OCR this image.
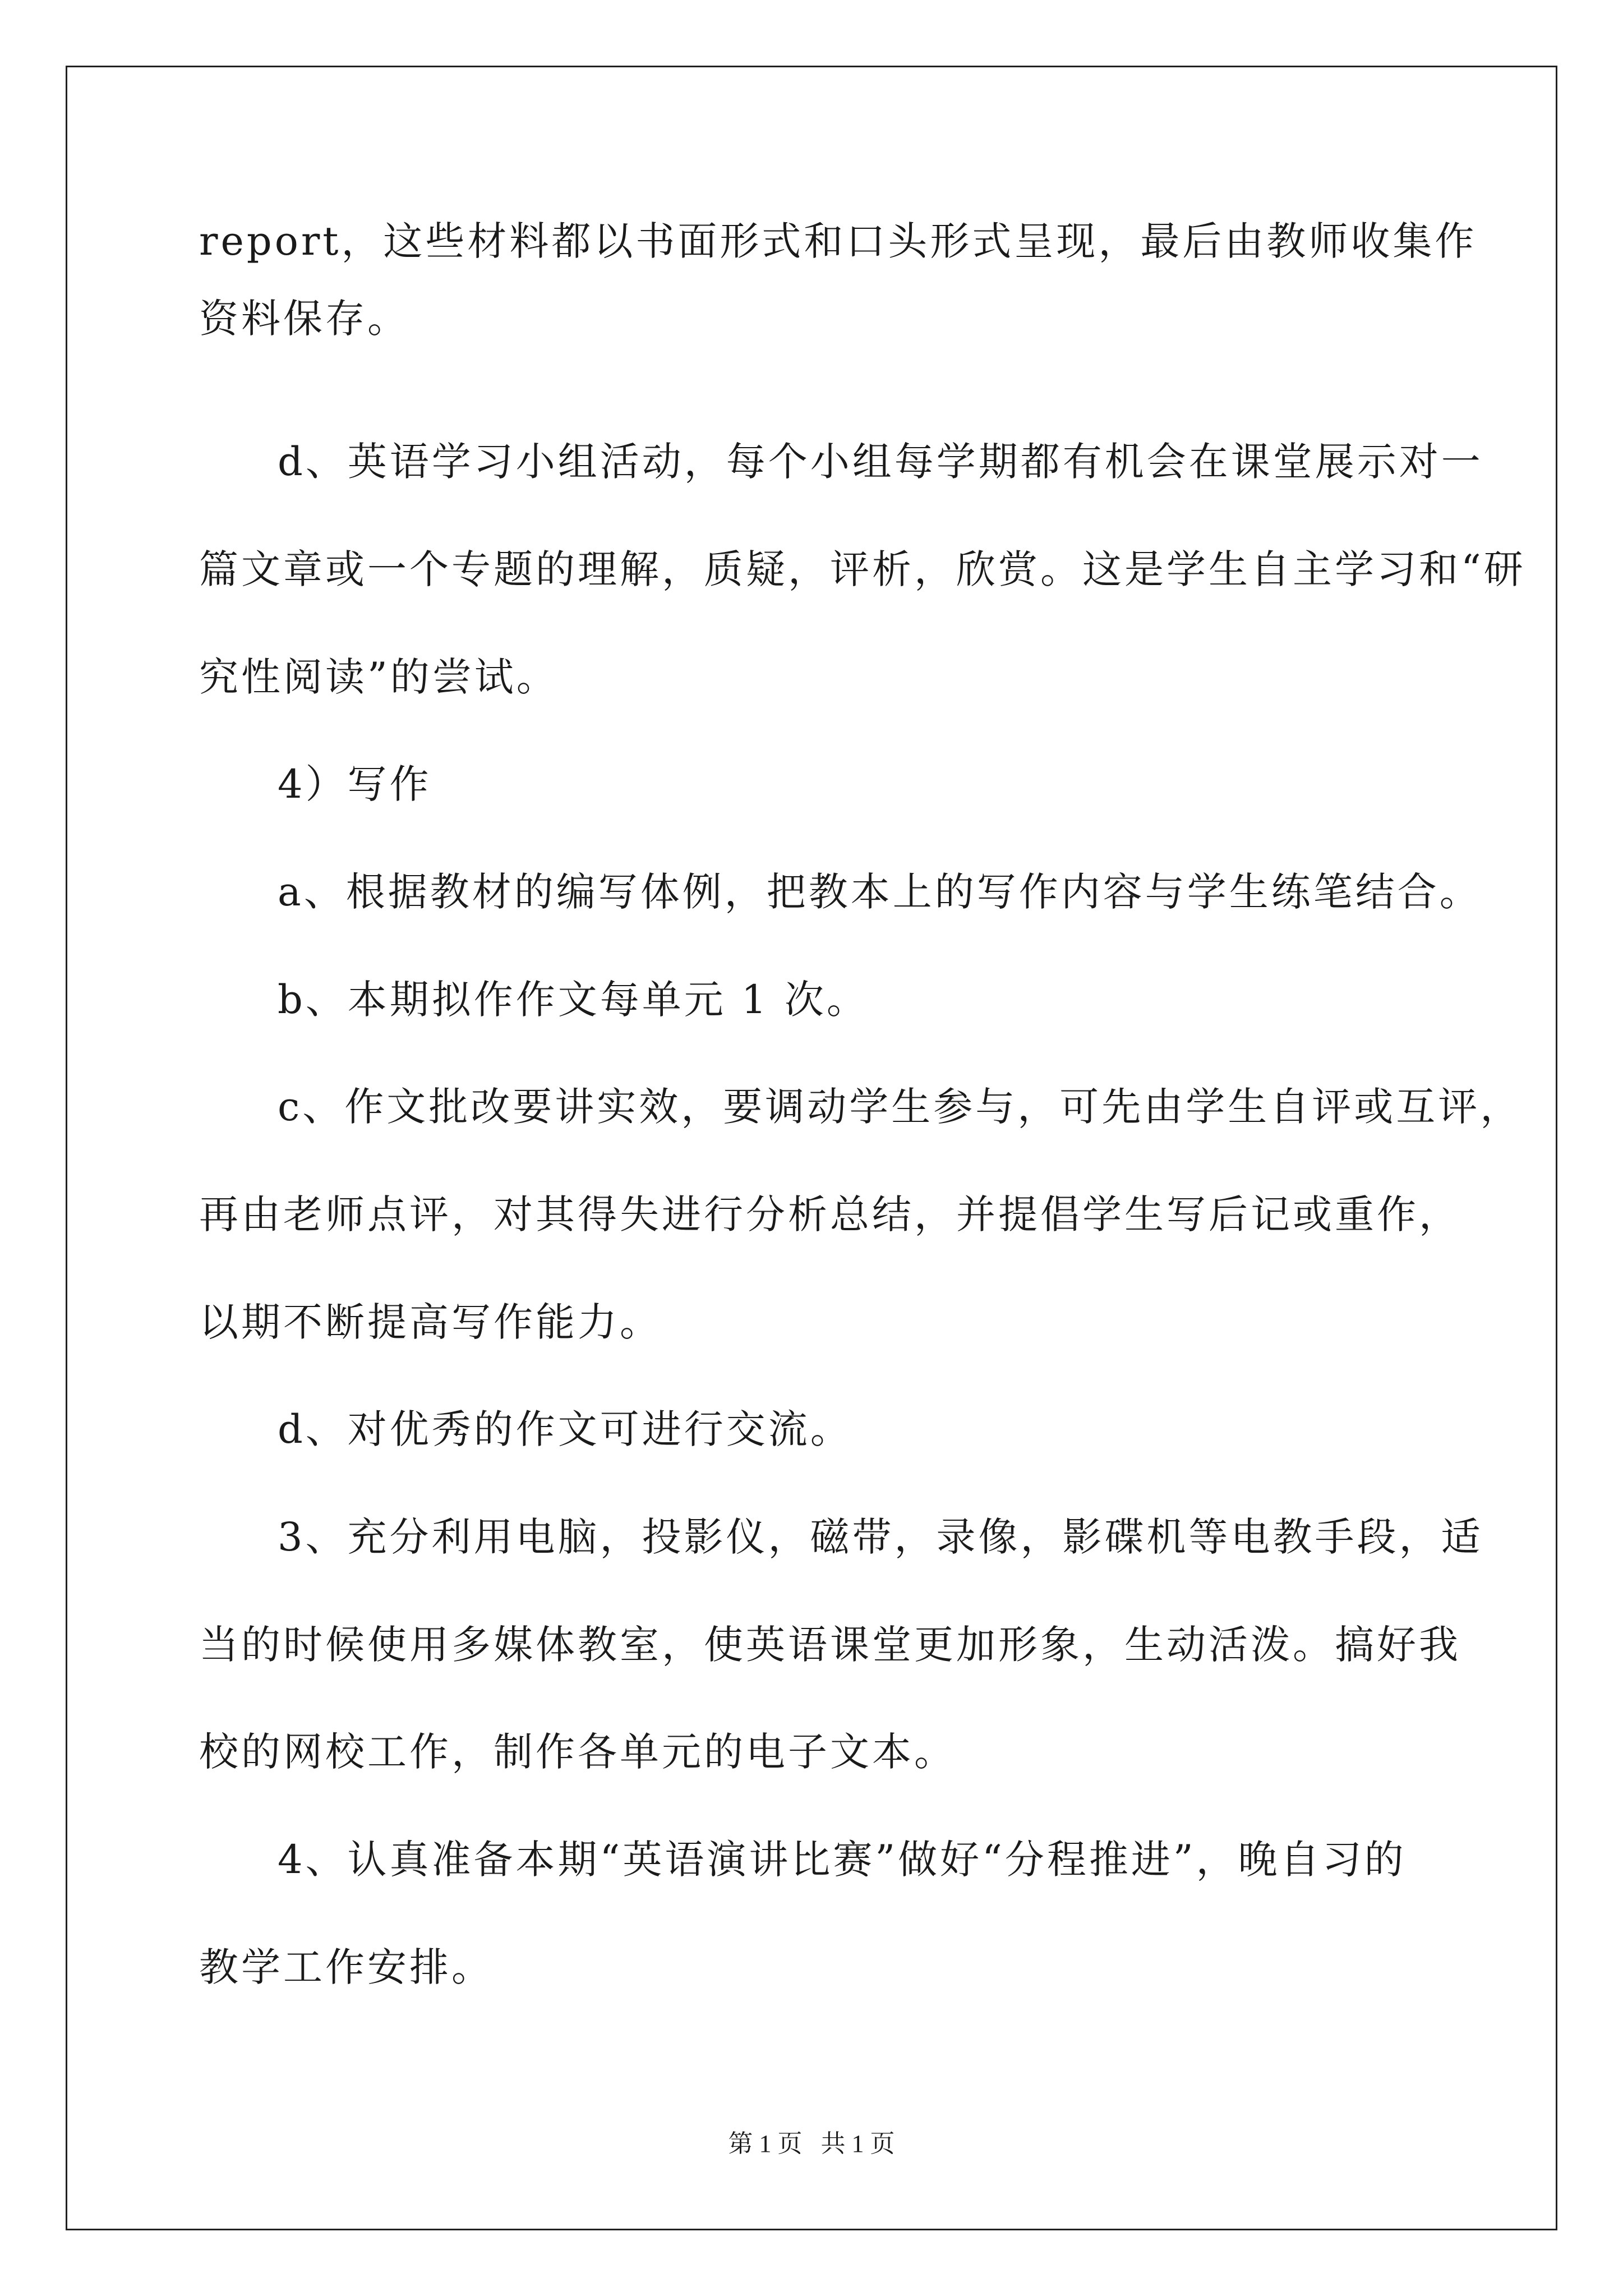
report，这些材料都以书面形式和口头形式呈现，最后由教师收集作
资料保存。
d、英语学习小组活动，每个小组每学期都有机会在课堂展示对一
篇文章或一个专题的理解，质疑，评析，欣赏。这是学生自主学习和“研
究性阅读”的尝试。
4）写作
a、根据教材的编写体例，把教本上的写作内容与学生练笔结合。
b、本期拟作作文每单元 1 次。
c、作文批改要讲实效，要调动学生参与，可先由学生自评或互评，
再由老师点评，对其得失进行分析总结，并提倡学生写后记或重作，
以期不断提高写作能力。
d、对优秀的作文可进行交流。
3、充分利用电脑，投影仪，磁带，录像，影碟机等电教手段，适
当的时候使用多媒体教室，使英语课堂更加形象，生动活泼。搞好我
校的网校工作，制作各单元的电子文本。
4、认真准备本期“英语演讲比赛”做好“分程推进”，晚自习的
教学工作安排。
第 1 页   共 1 页
